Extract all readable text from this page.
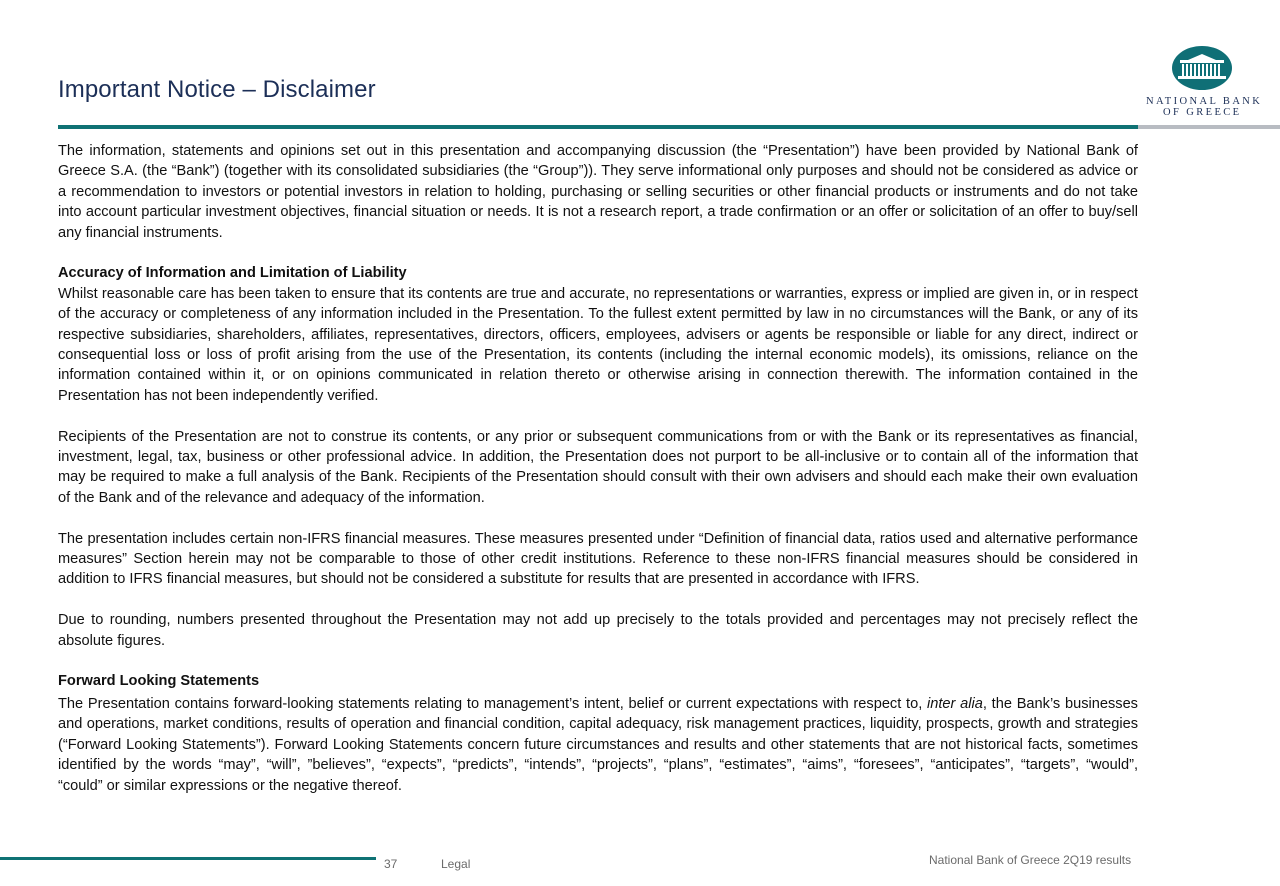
Important Notice – Disclaimer	NATIONAL BANK
OF GREECE

The information, statements and opinions set out in this presentation and accompanying discussion (the “Presentation”) have been provided by National Bank of Greece S.A. (the “Bank”) (together with its consolidated subsidiaries (the “Group”)). They serve informational only purposes and should not be considered as advice or a recommendation to investors or potential investors in relation to holding, purchasing or selling securities or other financial products or instruments and do not take into account particular investment objectives, financial situation or needs. It is not a research report, a trade confirmation or an offer or solicitation of an offer to buy/sell any financial instruments.

Accuracy of Information and Limitation of Liability

Whilst reasonable care has been taken to ensure that its contents are true and accurate, no representations or warranties, express or implied are given in, or in respect of the accuracy or completeness of any information included in the Presentation. To the fullest extent permitted by law in no circumstances will the Bank, or any of its respective subsidiaries, shareholders, affiliates, representatives, directors, officers, employees, advisers or agents be responsible or liable for any direct, indirect or consequential loss or loss of profit arising from the use of the Presentation, its contents (including the internal economic models), its omissions, reliance on the information contained within it, or on opinions communicated in relation thereto or otherwise arising in connection therewith. The information contained in the Presentation has not been independently verified.

Recipients of the Presentation are not to construe its contents, or any prior or subsequent communications from or with the Bank or its representatives as financial, investment, legal, tax, business or other professional advice. In addition, the Presentation does not purport to be all-inclusive or to contain all of the information that may be required to make a full analysis of the Bank. Recipients of the Presentation should consult with their own advisers and should each make their own evaluation of the Bank and of the relevance and adequacy of the information.

The presentation includes certain non-IFRS financial measures. These measures presented under “Definition of financial data, ratios used and alternative performance measures” Section herein may not be comparable to those of other credit institutions. Reference to these non-IFRS financial measures should be considered in addition to IFRS financial measures, but should not be considered a substitute for results that are presented in accordance with IFRS.

Due to rounding, numbers presented throughout the Presentation may not add up precisely to the totals provided and percentages may not precisely reflect the absolute figures.

Forward Looking Statements

The Presentation contains forward-looking statements relating to management’s intent, belief or current expectations with respect to, inter alia, the Bank’s businesses and operations, market conditions, results of operation and financial condition, capital adequacy, risk management practices, liquidity, prospects, growth and strategies (“Forward Looking Statements”). Forward Looking Statements concern future circumstances and results and other statements that are not historical facts, sometimes identified by the words “may”, “will”, ”believes”, “expects”, “predicts”, “intends”, “projects”, “plans”, “estimates”, “aims”, “foresees”, “anticipates”, “targets”, “would”, “could” or similar expressions or the negative thereof.

37	Legal	National Bank of Greece 2Q19 results
